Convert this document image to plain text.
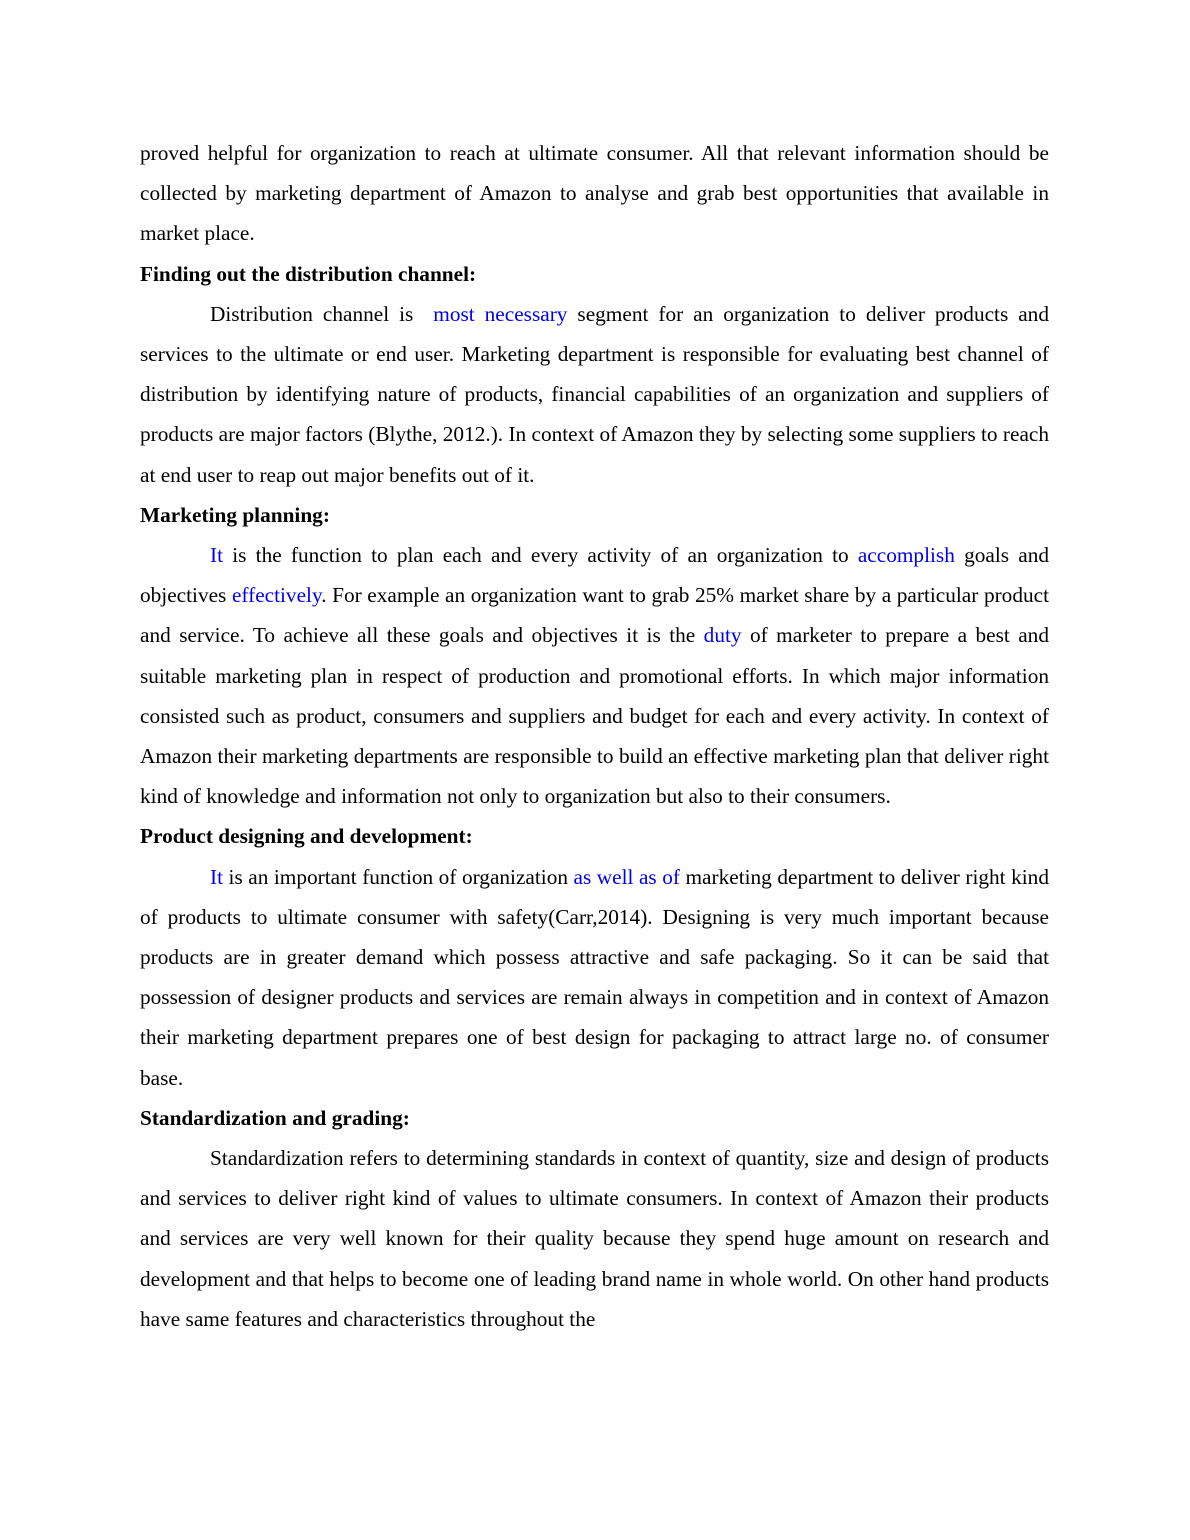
proved helpful for organization to reach at ultimate consumer. All that relevant information should be collected by marketing department of Amazon to analyse and grab best opportunities that available in market place.

Finding out the distribution channel:

Distribution channel is  most necessary segment for an organization to deliver products and services to the ultimate or end user. Marketing department is responsible for evaluating best channel of distribution by identifying nature of products, financial capabilities of an organization and suppliers of products are major factors (Blythe, 2012.). In context of Amazon they by selecting some suppliers to reach at end user to reap out major benefits out of it.

Marketing planning:

It is the function to plan each and every activity of an organization to accomplish goals and objectives effectively. For example an organization want to grab 25% market share by a particular product and service. To achieve all these goals and objectives it is the duty of marketer to prepare a best and suitable marketing plan in respect of production and promotional efforts. In which major information consisted such as product, consumers and suppliers and budget for each and every activity. In context of Amazon their marketing departments are responsible to build an effective marketing plan that deliver right kind of knowledge and information not only to organization but also to their consumers.

Product designing and development:

It is an important function of organization as well as of marketing department to deliver right kind of products to ultimate consumer with safety(Carr,2014). Designing is very much important because products are in greater demand which possess attractive and safe packaging. So it can be said that possession of designer products and services are remain always in competition and in context of Amazon their marketing department prepares one of best design for packaging to attract large no. of consumer base.

Standardization and grading:

Standardization refers to determining standards in context of quantity, size and design of products and services to deliver right kind of values to ultimate consumers. In context of Amazon their products and services are very well known for their quality because they spend huge amount on research and development and that helps to become one of leading brand name in whole world. On other hand products have same features and characteristics throughout the
